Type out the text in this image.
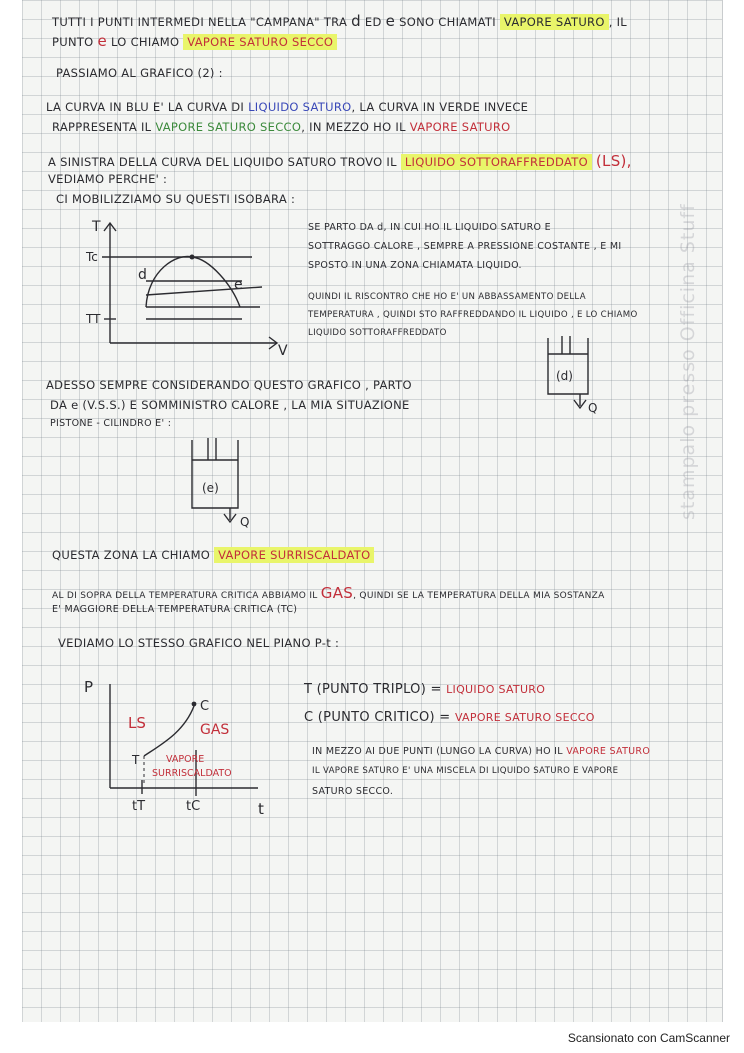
stampalo presso Officina Stuff
TUTTI I PUNTI INTERMEDI NELLA "CAMPANA" TRA d ED e SONO CHIAMATI VAPORE SATURO , IL
PUNTO e LO CHIAMO VAPORE SATURO SECCO
PASSIAMO AL GRAFICO (2) :
LA CURVA IN BLU E' LA CURVA DI LIQUIDO SATURO, LA CURVA IN VERDE INVECE
RAPPRESENTA IL VAPORE SATURO SECCO, IN MEZZO HO IL VAPORE SATURO
A SINISTRA DELLA CURVA DEL LIQUIDO SATURO TROVO IL LIQUIDO SOTTORAFFREDDATO (LS),
VEDIAMO PERCHE' :
CI MOBILIZZIAMO SU QUESTI ISOBARA :
T
V
Tc
TT
d
e
SE PARTO DA d, IN CUI HO IL LIQUIDO SATURO E
SOTTRAGGO CALORE , SEMPRE A PRESSIONE COSTANTE , E MI
SPOSTO IN UNA ZONA CHIAMATA LIQUIDO.
QUINDI IL RISCONTRO CHE HO E' UN ABBASSAMENTO DELLA
TEMPERATURA , QUINDI STO RAFFREDDANDO IL LIQUIDO , E LO CHIAMO
LIQUIDO SOTTORAFFREDDATO
(d)
Q
ADESSO SEMPRE CONSIDERANDO QUESTO GRAFICO , PARTO
DA e (V.S.S.) E SOMMINISTRO CALORE , LA MIA SITUAZIONE
PISTONE - CILINDRO E' :
(e)
Q
QUESTA ZONA LA CHIAMO VAPORE SURRISCALDATO
AL DI SOPRA DELLA TEMPERATURA CRITICA ABBIAMO IL GAS, QUINDI SE LA TEMPERATURA DELLA MIA SOSTANZA
E' MAGGIORE DELLA TEMPERATURA CRITICA (TC)
VEDIAMO LO STESSO GRAFICO NEL PIANO P-t :
P
t
C
T
LS	GAS
VAPORE
SURRISCALDATO
tT	tC
T (PUNTO TRIPLO) = LIQUIDO SATURO
C (PUNTO CRITICO) = VAPORE SATURO SECCO
IN MEZZO AI DUE PUNTI (LUNGO LA CURVA) HO IL VAPORE SATURO
IL VAPORE SATURO E' UNA MISCELA DI LIQUIDO SATURO E VAPORE
SATURO SECCO.
Scansionato con CamScanner
